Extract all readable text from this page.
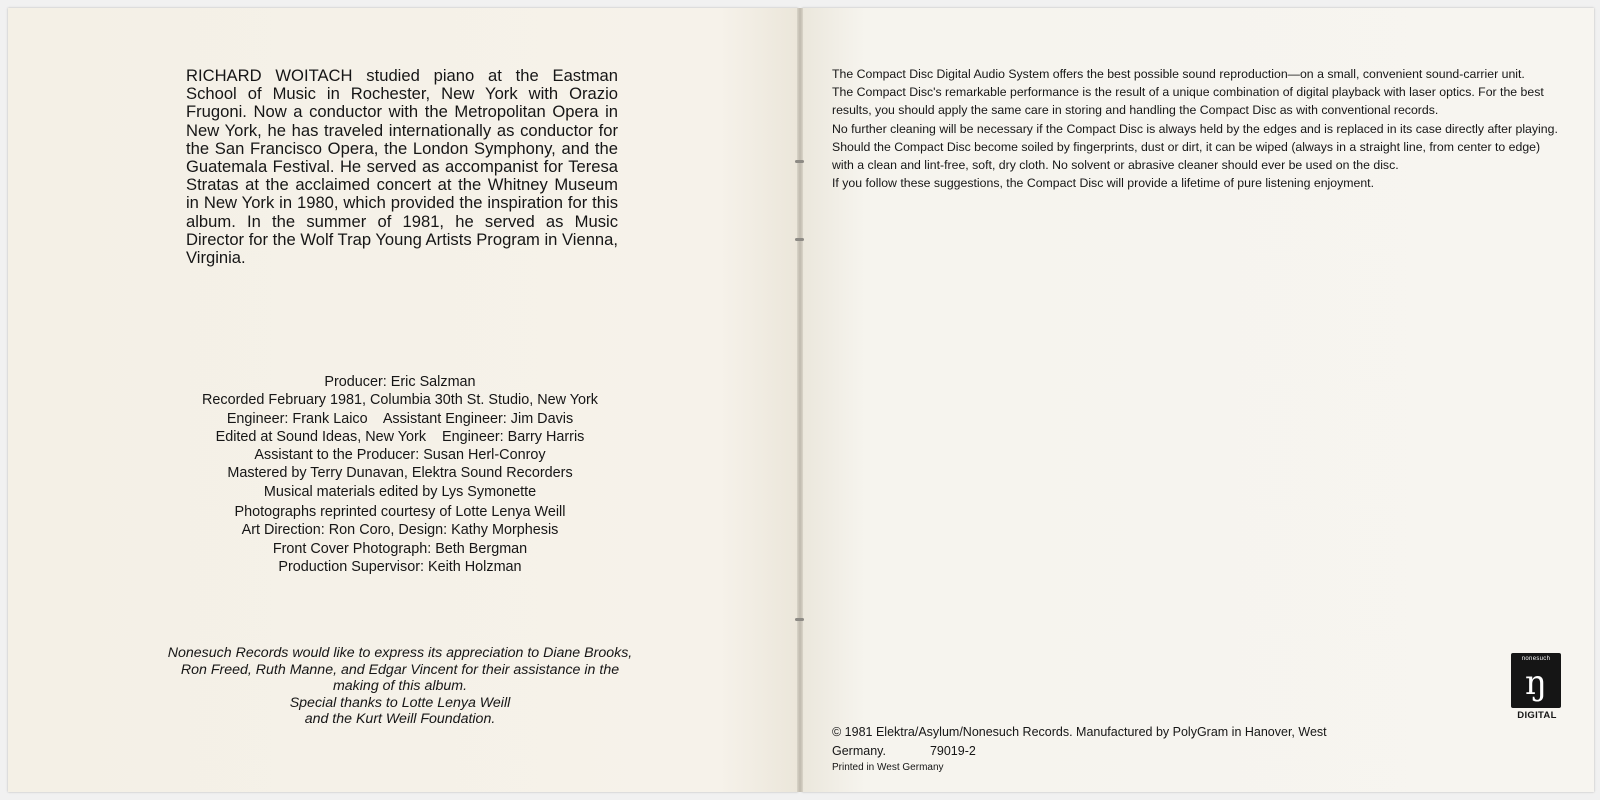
RICHARD WOITACH studied piano at the Eastman School of Music in Rochester, New York with Orazio Frugoni. Now a conductor with the Metropolitan Opera in New York, he has traveled internationally as conductor for the San Francisco Opera, the London Symphony, and the Guatemala Festival. He served as accompanist for Teresa Stratas at the acclaimed concert at the Whitney Museum in New York in 1980, which provided the inspiration for this album. In the summer of 1981, he served as Music Director for the Wolf Trap Young Artists Program in Vienna, Virginia.
Producer: Eric Salzman
Recorded February 1981, Columbia 30th St. Studio, New York
Engineer: Frank Laico    Assistant Engineer: Jim Davis
Edited at Sound Ideas, New York    Engineer: Barry Harris
Assistant to the Producer: Susan Herl-Conroy
Mastered by Terry Dunavan, Elektra Sound Recorders
Musical materials edited by Lys Symonette
Photographs reprinted courtesy of Lotte Lenya Weill
Art Direction: Ron Coro, Design: Kathy Morphesis
Front Cover Photograph: Beth Bergman
Production Supervisor: Keith Holzman
Nonesuch Records would like to express its appreciation to Diane Brooks,
Ron Freed, Ruth Manne, and Edgar Vincent for their assistance in the
making of this album.
Special thanks to Lotte Lenya Weill
and the Kurt Weill Foundation.

The Compact Disc Digital Audio System offers the best possible sound reproduction—on a small, convenient sound-carrier unit.

The Compact Disc's remarkable performance is the result of a unique combination of digital playback with laser optics. For the best results, you should apply the same care in storing and handling the Compact Disc as with conventional records.

No further cleaning will be necessary if the Compact Disc is always held by the edges and is replaced in its case directly after playing. Should the Compact Disc become soiled by fingerprints, dust or dirt, it can be wiped (always in a straight line, from center to edge) with a clean and lint-free, soft, dry cloth. No solvent or abrasive cleaner should ever be used on the disc.

If you follow these suggestions, the Compact Disc will provide a lifetime of pure listening enjoyment.

© 1981 Elektra/Asylum/Nonesuch Records. Manufactured by PolyGram in Hanover, West
Germany.	79019-2
Printed in West Germany
nonesuch
ŋ
DIGITAL
